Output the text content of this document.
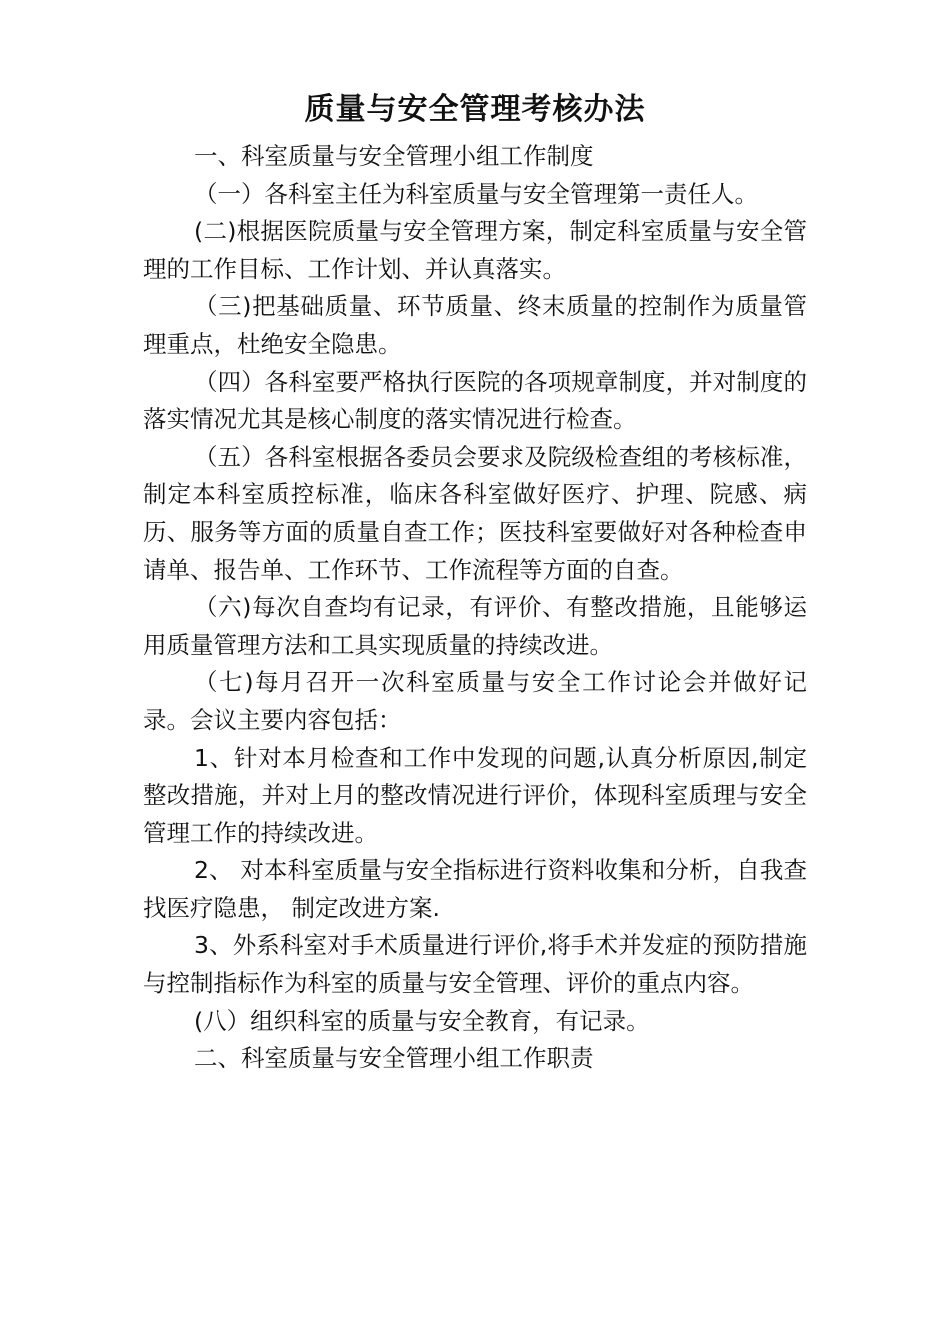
质量与安全管理考核办法

一、科室质量与安全管理小组工作制度

（一）各科室主任为科室质量与安全管理第一责任人。

(二)根据医院质量与安全管理方案，制定科室质量与安全管理的工作目标、工作计划、并认真落实。

（三)把基础质量、环节质量、终末质量的控制作为质量管理重点，杜绝安全隐患。

（四）各科室要严格执行医院的各项规章制度，并对制度的落实情况尤其是核心制度的落实情况进行检查。

（五）各科室根据各委员会要求及院级检查组的考核标准，制定本科室质控标准，临床各科室做好医疗、护理、院感、病历、服务等方面的质量自查工作；医技科室要做好对各种检查申请单、报告单、工作环节、工作流程等方面的自查。

（六)每次自查均有记录，有评价、有整改措施，且能够运用质量管理方法和工具实现质量的持续改进。

（七)每月召开一次科室质量与安全工作讨论会并做好记录。会议主要内容包括：

1、针对本月检查和工作中发现的问题,认真分析原因,制定整改措施，并对上月的整改情况进行评价，体现科室质理与安全管理工作的持续改进。

2、 对本科室质量与安全指标进行资料收集和分析，自我查找医疗隐患， 制定改进方案.

3、外系科室对手术质量进行评价,将手术并发症的预防措施与控制指标作为科室的质量与安全管理、评价的重点内容。

(八）组织科室的质量与安全教育，有记录。

二、科室质量与安全管理小组工作职责
